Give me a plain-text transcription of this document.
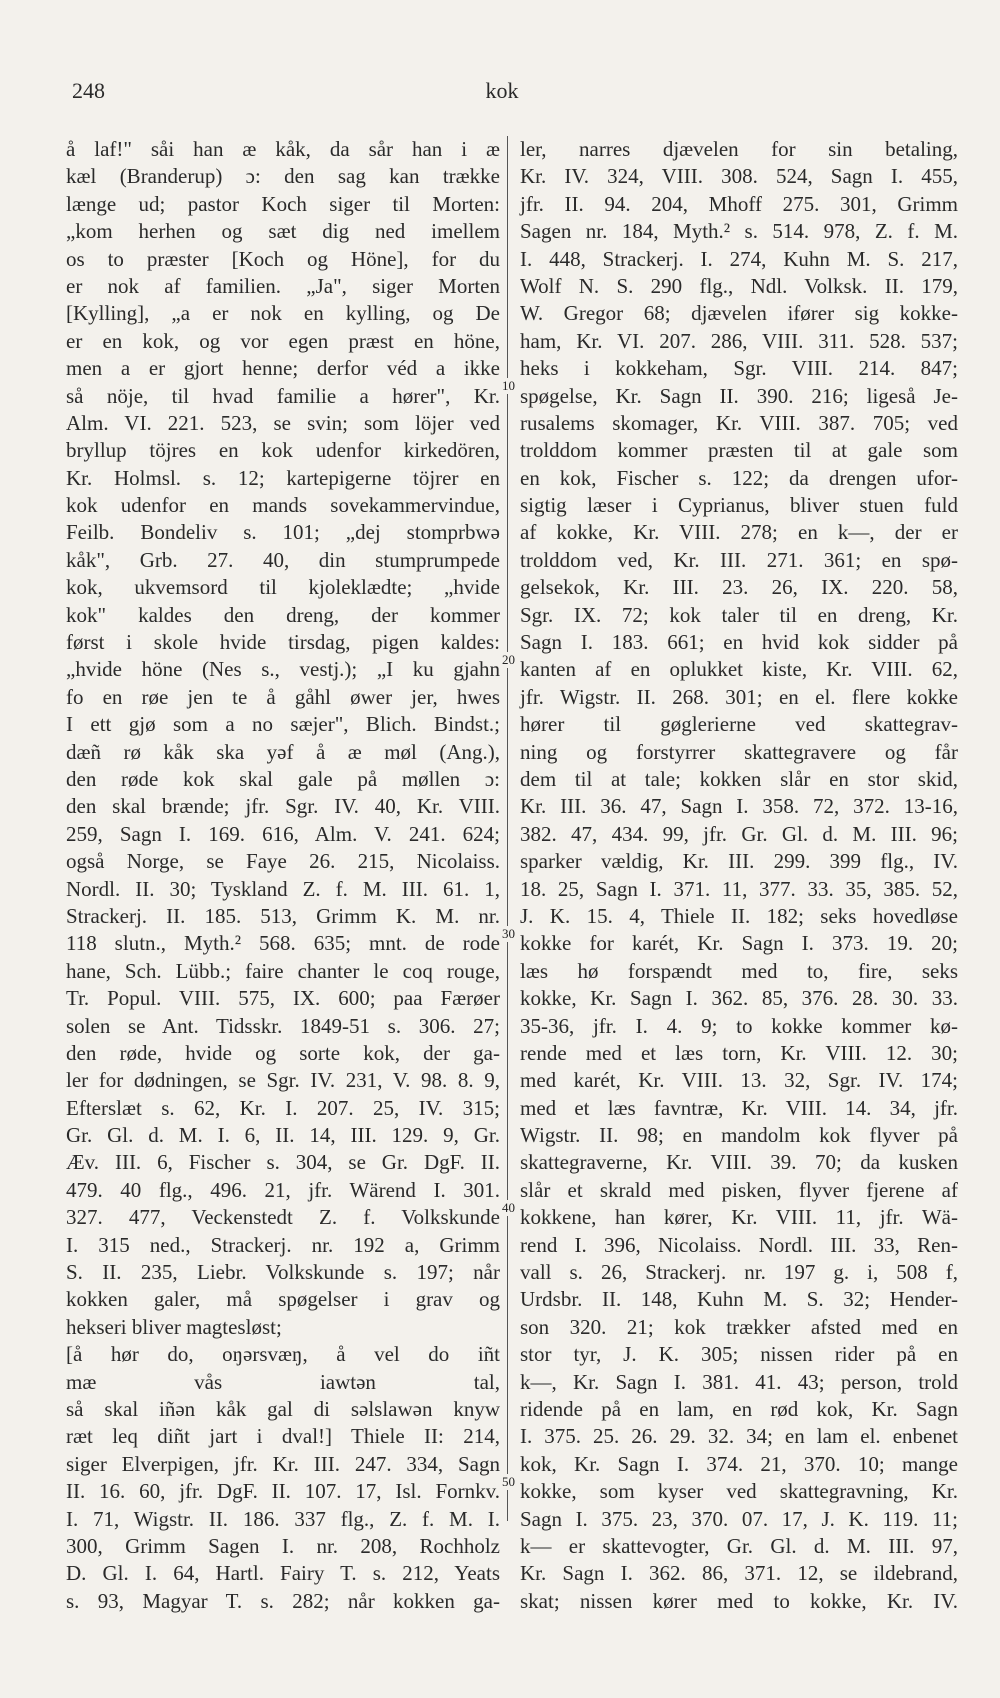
248	kok
å laf!" såi han æ kåk, da sår han i æ
kæl (Branderup) ɔ: den sag kan trække
længe ud; pastor Koch siger til Morten:
„kom herhen og sæt dig ned imellem
os to præster [Koch og Höne], for du
er nok af familien. „Ja", siger Morten
[Kylling], „a er nok en kylling, og De
er en kok, og vor egen præst en höne,
men a er gjort henne; derfor véd a ikke
så nöje, til hvad familie a hører", Kr.
Alm. VI. 221. 523, se svin; som löjer ved
bryllup töjres en kok udenfor kirkedören,
Kr. Holmsl. s. 12; kartepigerne töjrer en
kok udenfor en mands sovekammervindue,
Feilb. Bondeliv s. 101; „dej stomprbwə
kåk", Grb. 27. 40, din stumprumpede
kok, ukvemsord til kjoleklædte; „hvide
kok" kaldes den dreng, der kommer
først i skole hvide tirsdag, pigen kaldes:
„hvide höne (Nes s., vestj.); „I ku gjahn
fo en røe jen te å gåhl øwer jer, hwes
I ett gjø som a no sæjer", Blich. Bindst.;
dæñ rø kåk ska yəf å æ møl (Ang.),
den røde kok skal gale på møllen ɔ:
den skal brænde; jfr. Sgr. IV. 40, Kr. VIII.
259, Sagn I. 169. 616, Alm. V. 241. 624;
også Norge, se Faye 26. 215, Nicolaiss.
Nordl. II. 30; Tyskland Z. f. M. III. 61. 1,
Strackerj. II. 185. 513, Grimm K. M. nr.
118 slutn., Myth.² 568. 635; mnt. de rode
hane, Sch. Lübb.; faire chanter le coq rouge,
Tr. Popul. VIII. 575, IX. 600; paa Færøer
solen se Ant. Tidsskr. 1849-51 s. 306. 27;
den røde, hvide og sorte kok, der ga-
ler for dødningen, se Sgr. IV. 231, V. 98. 8. 9,
Efterslæt s. 62, Kr. I. 207. 25, IV. 315;
Gr. Gl. d. M. I. 6, II. 14, III. 129. 9, Gr.
Æv. III. 6, Fischer s. 304, se Gr. DgF. II.
479. 40 flg., 496. 21, jfr. Wärend I. 301.
327. 477, Veckenstedt Z. f. Volkskunde
I. 315 ned., Strackerj. nr. 192 a, Grimm
S. II. 235, Liebr. Volkskunde s. 197; når
kokken galer, må spøgelser i grav og
hekseri bliver magtesløst;
[å hør do, oŋərsvæŋ, å vel do iñt
mæ vås iawtən tal,
så skal iñən kåk gal di səlslawən knyw
ræt leq diñt jart i dval!] Thiele II: 214,
siger Elverpigen, jfr. Kr. III. 247. 334, Sagn
II. 16. 60, jfr. DgF. II. 107. 17, Isl. Fornkv.
I. 71, Wigstr. II. 186. 337 flg., Z. f. M. I.
300, Grimm Sagen I. nr. 208, Rochholz
D. Gl. I. 64, Hartl. Fairy T. s. 212, Yeats
s. 93, Magyar T. s. 282; når kokken ga-
ler, narres djævelen for sin betaling,
Kr. IV. 324, VIII. 308. 524, Sagn I. 455,
jfr. II. 94. 204, Mhoff 275. 301, Grimm
Sagen nr. 184, Myth.² s. 514. 978, Z. f. M.
I. 448, Strackerj. I. 274, Kuhn M. S. 217,
Wolf N. S. 290 flg., Ndl. Volksk. II. 179,
W. Gregor 68; djævelen ifører sig kokke-
ham, Kr. VI. 207. 286, VIII. 311. 528. 537;
heks i kokkeham, Sgr. VIII. 214. 847;
spøgelse, Kr. Sagn II. 390. 216; ligeså Je-
rusalems skomager, Kr. VIII. 387. 705; ved
trolddom kommer præsten til at gale som
en kok, Fischer s. 122; da drengen ufor-
sigtig læser i Cyprianus, bliver stuen fuld
af kokke, Kr. VIII. 278; en k—, der er
trolddom ved, Kr. III. 271. 361; en spø-
gelsekok, Kr. III. 23. 26, IX. 220. 58,
Sgr. IX. 72; kok taler til en dreng, Kr.
Sagn I. 183. 661; en hvid kok sidder på
kanten af en oplukket kiste, Kr. VIII. 62,
jfr. Wigstr. II. 268. 301; en el. flere kokke
hører til gøglerierne ved skattegrav-
ning og forstyrrer skattegravere og får
dem til at tale; kokken slår en stor skid,
Kr. III. 36. 47, Sagn I. 358. 72, 372. 13-16,
382. 47, 434. 99, jfr. Gr. Gl. d. M. III. 96;
sparker vældig, Kr. III. 299. 399 flg., IV.
18. 25, Sagn I. 371. 11, 377. 33. 35, 385. 52,
J. K. 15. 4, Thiele II. 182; seks hovedløse
kokke for karét, Kr. Sagn I. 373. 19. 20;
læs hø forspændt med to, fire, seks
kokke, Kr. Sagn I. 362. 85, 376. 28. 30. 33.
35-36, jfr. I. 4. 9; to kokke kommer kø-
rende med et læs torn, Kr. VIII. 12. 30;
med karét, Kr. VIII. 13. 32, Sgr. IV. 174;
med et læs favntræ, Kr. VIII. 14. 34, jfr.
Wigstr. II. 98; en mandolm kok flyver på
skattegraverne, Kr. VIII. 39. 70; da kusken
slår et skrald med pisken, flyver fjerene af
kokkene, han kører, Kr. VIII. 11, jfr. Wä-
rend I. 396, Nicolaiss. Nordl. III. 33, Ren-
vall s. 26, Strackerj. nr. 197 g. i, 508 f,
Urdsbr. II. 148, Kuhn M. S. 32; Hender-
son 320. 21; kok trækker afsted med en
stor tyr, J. K. 305; nissen rider på en
k—, Kr. Sagn I. 381. 41. 43; person, trold
ridende på en lam, en rød kok, Kr. Sagn
I. 375. 25. 26. 29. 32. 34; en lam el. enbenet
kok, Kr. Sagn I. 374. 21, 370. 10; mange
kokke, som kyser ved skattegravning, Kr.
Sagn I. 375. 23, 370. 07. 17, J. K. 119. 11;
k— er skattevogter, Gr. Gl. d. M. III. 97,
Kr. Sagn I. 362. 86, 371. 12, se ildebrand,
skat; nissen kører med to kokke, Kr. IV.
10
20
30
40
50
